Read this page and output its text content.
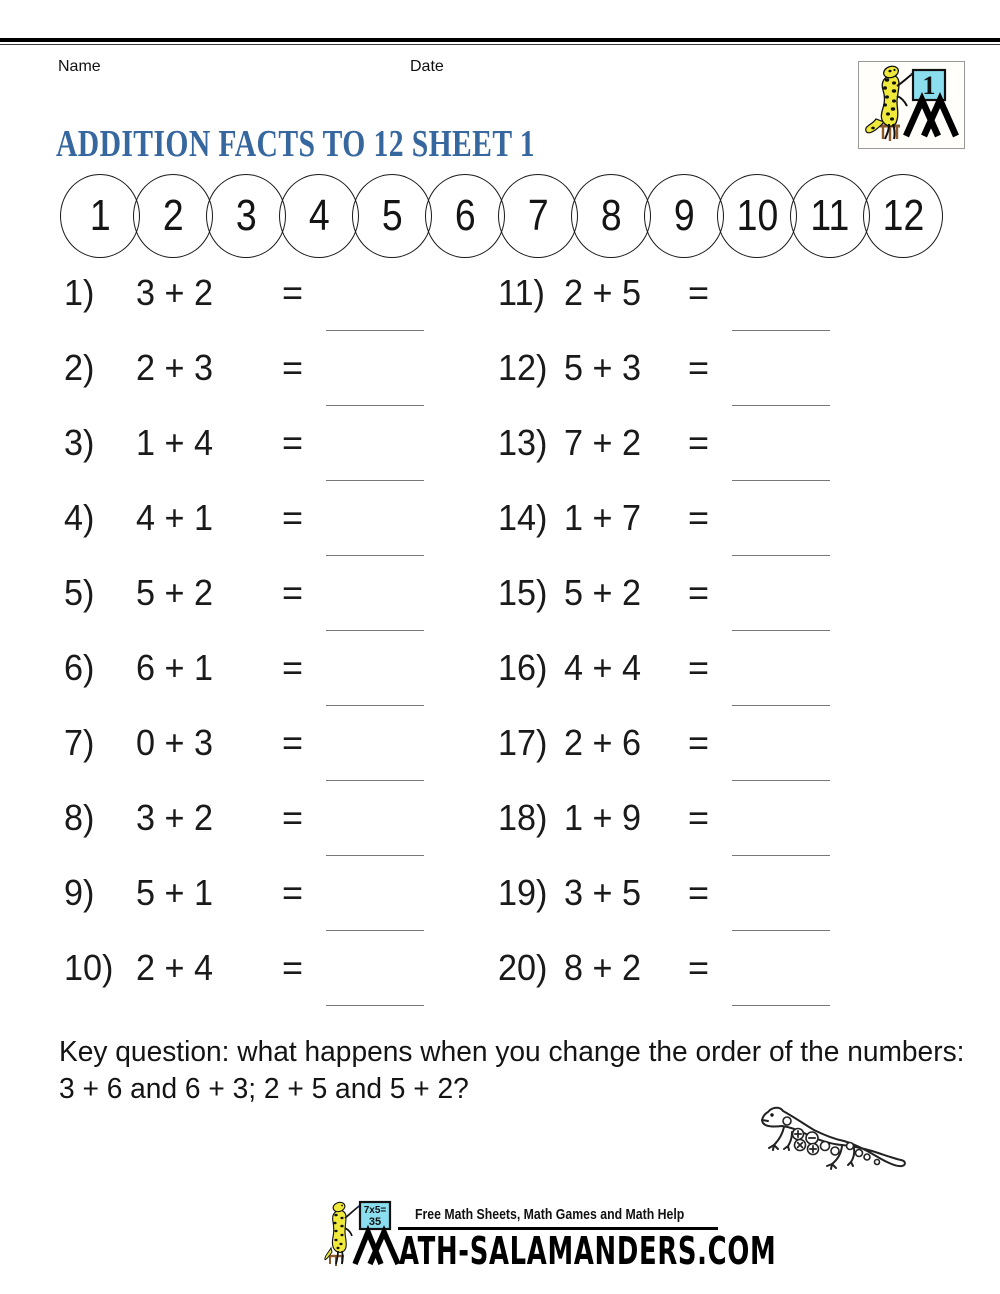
Name	Date
1
ADDITION FACTS TO 12 SHEET 1
1 2 3 4 5 6 7 8 9 10 11 12
1) 3 + 2 =
2) 2 + 3 =
3) 1 + 4 =
4) 4 + 1 =
5) 5 + 2 =
6) 6 + 1 =
7) 0 + 3 =
8) 3 + 2 =
9) 5 + 1 =
10) 2 + 4 =
11) 2 + 5 =
12) 5 + 3 =
13) 7 + 2 =
14) 1 + 7 =
15) 5 + 2 =
16) 4 + 4 =
17) 2 + 6 =
18) 1 + 9 =
19) 3 + 5 =
20) 8 + 2 =
Key question: what happens when you change the order of the numbers:
3 + 6 and 6 + 3; 2 + 5 and 5 + 2?
7x5=
35 Free Math Sheets, Math Games and Math Help
ATH-SALAMANDERS.COM
